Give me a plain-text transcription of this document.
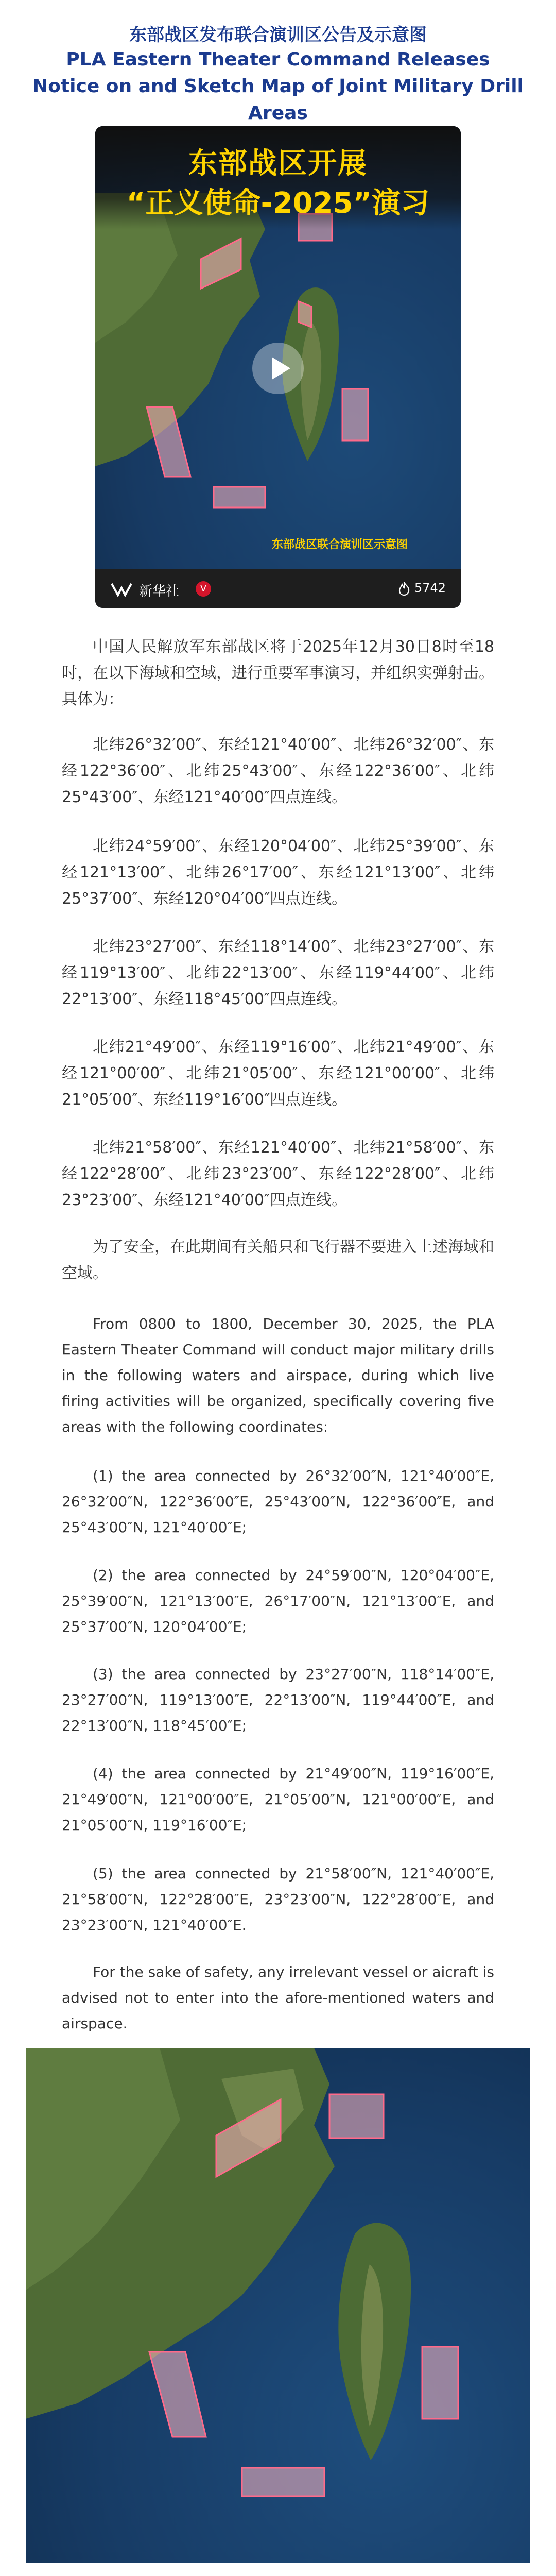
东部战区发布联合演训区公告及示意图
PLA Eastern Theater Command Releases Notice on and Sketch Map of Joint Military Drill Areas
东部战区开展
“正义使命-2025”演习
东部战区联合演训区示意图
新华社	V	5742

中国人民解放军东部战区将于2025年12月30日8时至18时，在以下海域和空域，进行重要军事演习，并组织实弹射击。具体为：

北纬26°32′00″、东经121°40′00″、北纬26°32′00″、东经122°36′00″、北纬25°43′00″、东经122°36′00″、北纬25°43′00″、东经121°40′00″四点连线。

北纬24°59′00″、东经120°04′00″、北纬25°39′00″、东经121°13′00″、北纬26°17′00″、东经121°13′00″、北纬25°37′00″、东经120°04′00″四点连线。

北纬23°27′00″、东经118°14′00″、北纬23°27′00″、东经119°13′00″、北纬22°13′00″、东经119°44′00″、北纬22°13′00″、东经118°45′00″四点连线。

北纬21°49′00″、东经119°16′00″、北纬21°49′00″、东经121°00′00″、北纬21°05′00″、东经121°00′00″、北纬21°05′00″、东经119°16′00″四点连线。

北纬21°58′00″、东经121°40′00″、北纬21°58′00″、东经122°28′00″、北纬23°23′00″、东经122°28′00″、北纬23°23′00″、东经121°40′00″四点连线。

为了安全，在此期间有关船只和飞行器不要进入上述海域和空域。

From 0800 to 1800, December 30, 2025, the PLA Eastern Theater Command will conduct major military drills in the following waters and airspace, during which live firing activities will be organized, specifically covering five areas with the following coordinates:

(1) the area connected by 26°32′00″N, 121°40′00″E, 26°32′00″N, 122°36′00″E, 25°43′00″N, 122°36′00″E, and 25°43′00″N, 121°40′00″E;

(2) the area connected by 24°59′00″N, 120°04′00″E, 25°39′00″N, 121°13′00″E, 26°17′00″N, 121°13′00″E, and 25°37′00″N, 120°04′00″E;

(3) the area connected by 23°27′00″N, 118°14′00″E, 23°27′00″N, 119°13′00″E, 22°13′00″N, 119°44′00″E, and 22°13′00″N, 118°45′00″E;

(4) the area connected by 21°49′00″N, 119°16′00″E, 21°49′00″N, 121°00′00″E, 21°05′00″N, 121°00′00″E, and 21°05′00″N, 119°16′00″E;

(5) the area connected by 21°58′00″N, 121°40′00″E, 21°58′00″N, 122°28′00″E, 23°23′00″N, 122°28′00″E, and 23°23′00″N, 121°40′00″E.

For the sake of safety, any irrelevant vessel or aicraft is advised not to enter into the afore-mentioned waters and airspace.
